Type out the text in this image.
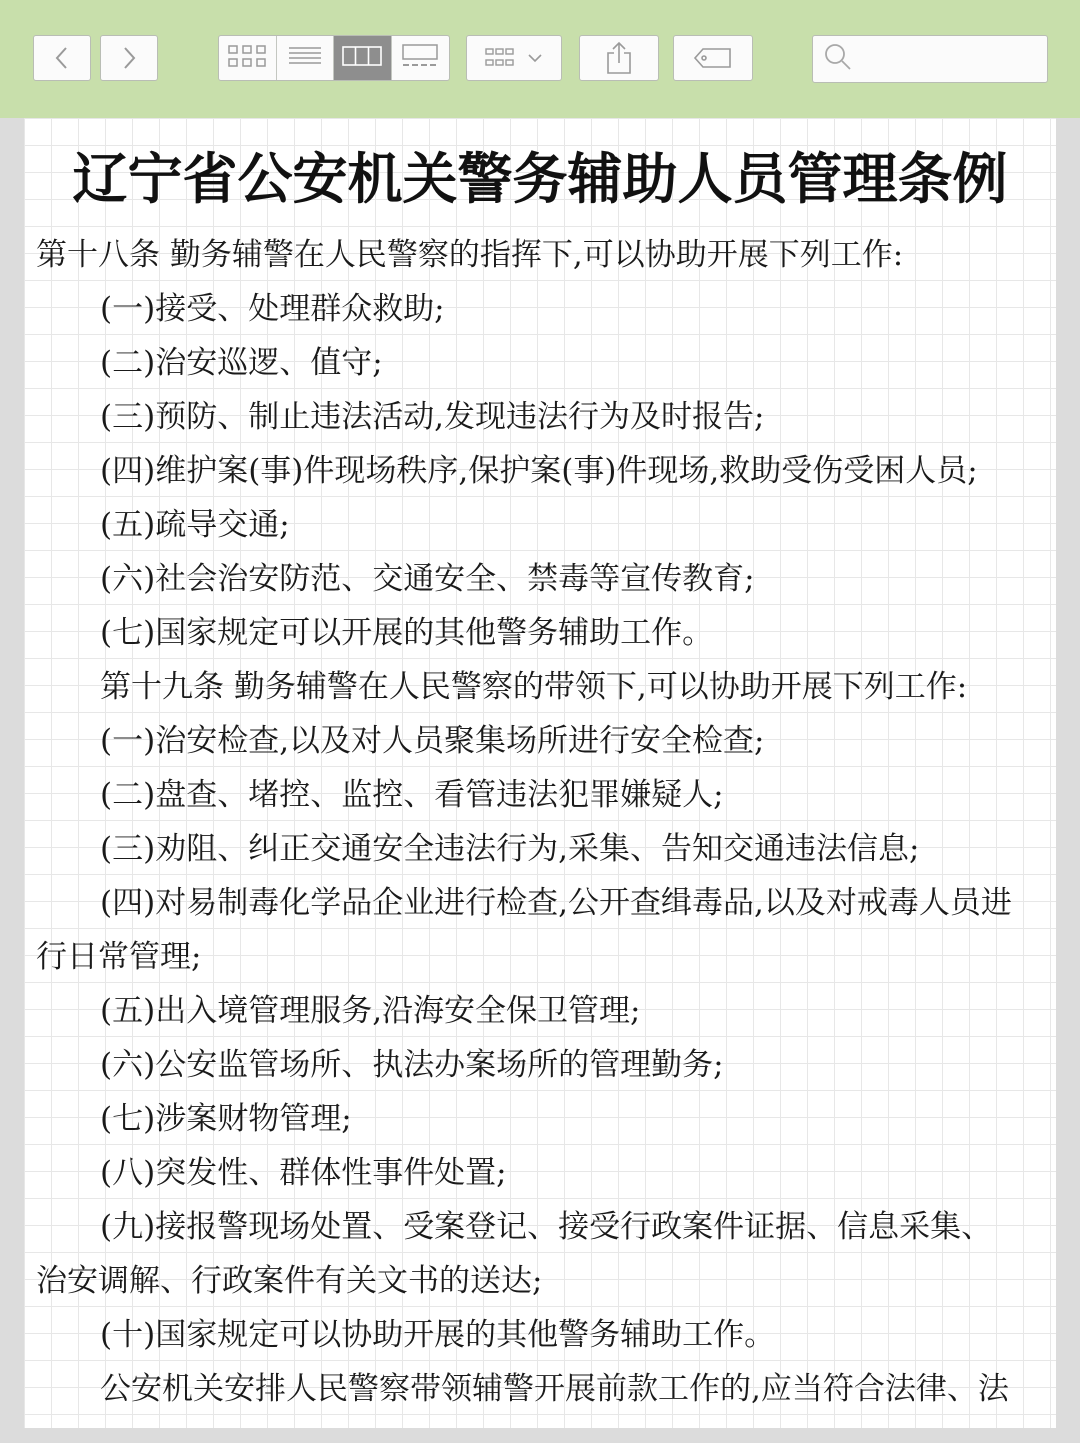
辽宁省公安机关警务辅助人员管理条例
第十八条 勤务辅警在人民警察的指挥下,可以协助开展下列工作:
(一)接受、处理群众救助;
(二)治安巡逻、值守;
(三)预防、制止违法活动,发现违法行为及时报告;
(四)维护案(事)件现场秩序,保护案(事)件现场,救助受伤受困人员;
(五)疏导交通;
(六)社会治安防范、交通安全、禁毒等宣传教育;
(七)国家规定可以开展的其他警务辅助工作。
第十九条 勤务辅警在人民警察的带领下,可以协助开展下列工作:
(一)治安检查,以及对人员聚集场所进行安全检查;
(二)盘查、堵控、监控、看管违法犯罪嫌疑人;
(三)劝阻、纠正交通安全违法行为,采集、告知交通违法信息;
(四)对易制毒化学品企业进行检查,公开查缉毒品,以及对戒毒人员进
行日常管理;
(五)出入境管理服务,沿海安全保卫管理;
(六)公安监管场所、执法办案场所的管理勤务;
(七)涉案财物管理;
(八)突发性、群体性事件处置;
(九)接报警现场处置、受案登记、接受行政案件证据、信息采集、
治安调解、行政案件有关文书的送达;
(十)国家规定可以协助开展的其他警务辅助工作。
公安机关安排人民警察带领辅警开展前款工作的,应当符合法律、法
